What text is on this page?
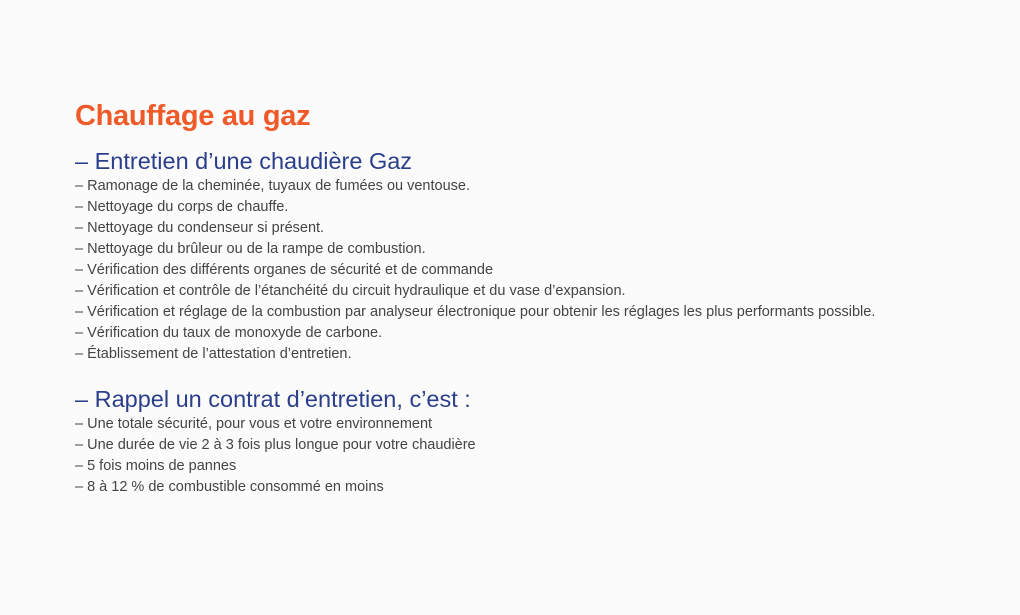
Chauffage au gaz
– Entretien d’une chaudière Gaz
– Ramonage de la cheminée, tuyaux de fumées ou ventouse.
– Nettoyage du corps de chauffe.
– Nettoyage du condenseur si présent.
– Nettoyage du brûleur ou de la rampe de combustion.
– Vérification des différents organes de sécurité et de commande
– Vérification et contrôle de l’étanchéité du circuit hydraulique et du vase d’expansion.
– Vérification et réglage de la combustion par analyseur électronique pour obtenir les réglages les plus performants possible.
– Vérification du taux de monoxyde de carbone.
– Établissement de l’attestation d’entretien.
– Rappel un contrat d’entretien, c’est :
– Une totale sécurité, pour vous et votre environnement
– Une durée de vie 2 à 3 fois plus longue pour votre chaudière
– 5 fois moins de pannes
– 8 à 12 % de combustible consommé en moins
